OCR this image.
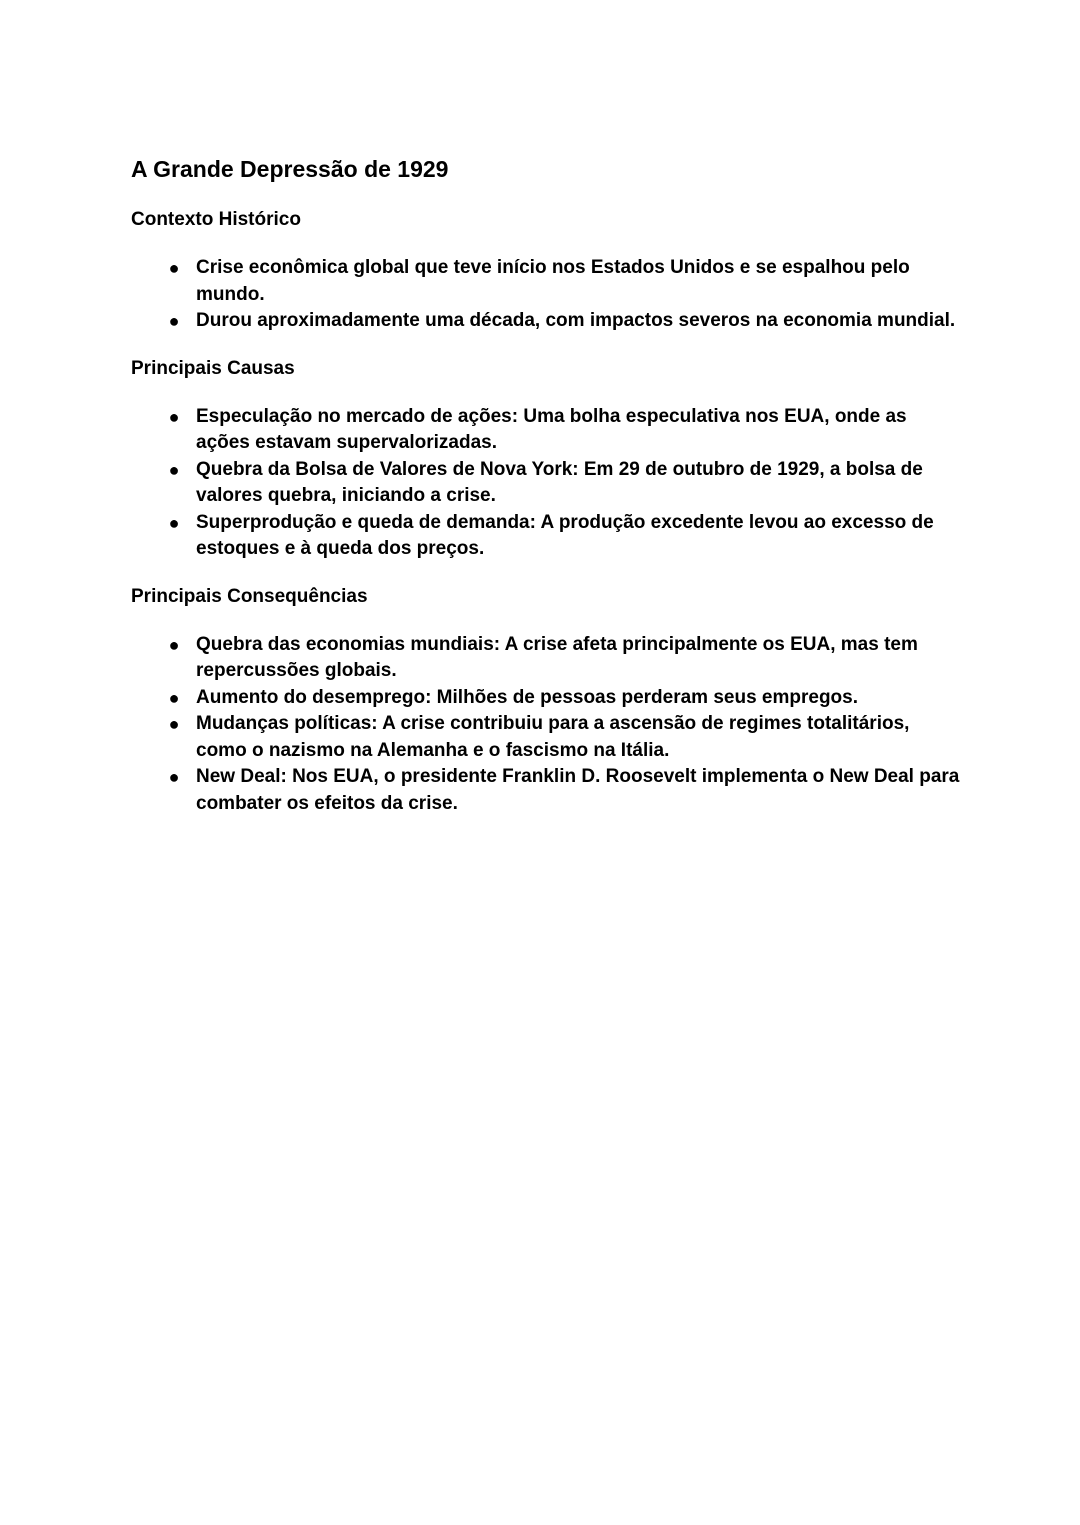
A Grande Depressão de 1929
Contexto Histórico
● Crise econômica global que teve início nos Estados Unidos e se espalhou pelo mundo.
● Durou aproximadamente uma década, com impactos severos na economia mundial.
Principais Causas
● Especulação no mercado de ações: Uma bolha especulativa nos EUA, onde as ações estavam supervalorizadas.
● Quebra da Bolsa de Valores de Nova York: Em 29 de outubro de 1929, a bolsa de valores quebra, iniciando a crise.
● Superprodução e queda de demanda: A produção excedente levou ao excesso de estoques e à queda dos preços.
Principais Consequências
● Quebra das economias mundiais: A crise afeta principalmente os EUA, mas tem repercussões globais.
● Aumento do desemprego: Milhões de pessoas perderam seus empregos.
● Mudanças políticas: A crise contribuiu para a ascensão de regimes totalitários, como o nazismo na Alemanha e o fascismo na Itália.
● New Deal: Nos EUA, o presidente Franklin D. Roosevelt implementa o New Deal para combater os efeitos da crise.
